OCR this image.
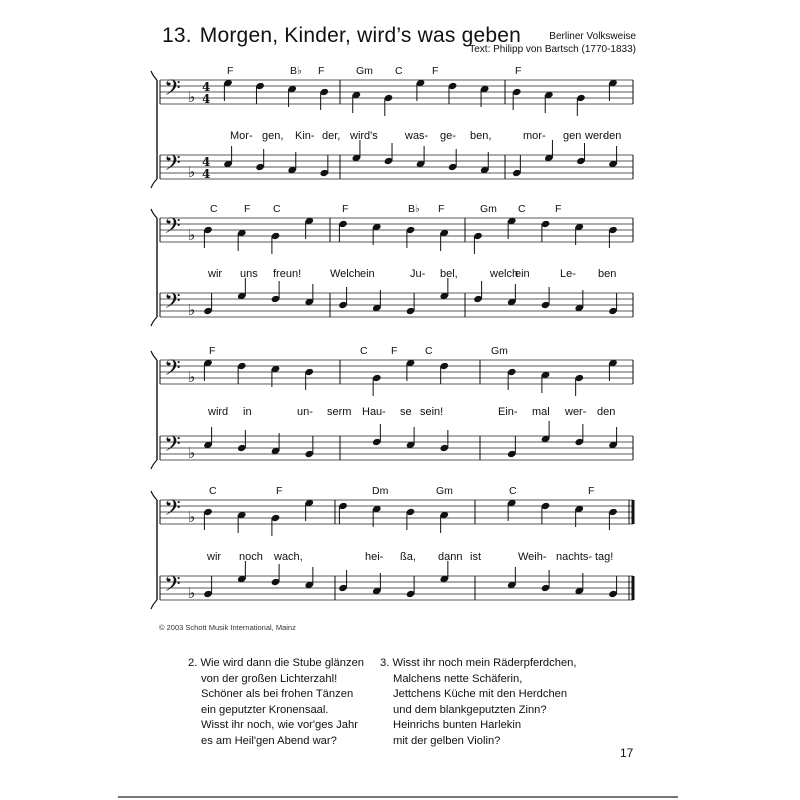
13. Morgen, Kinder, wird’s was geben	Berliner Volksweise
Text: Philipp von Bartsch (1770-1833)
𝄢 ♭
4
4
𝄢 ♭
4
4
F	B♭ F	Gm C	F	F
Mor- gen, Kin- der, wird's was- ge- ben,	mor- gen wer-
den
𝄢 ♭
𝄢 ♭
C	F C	F	B♭ F	Gm C	F
wir uns freun!	Welch ein	Ju- bel,	welch
ein	Le- ben
𝄢 ♭
𝄢 ♭
F	C F	C	Gm
wird in	un- serm Hau- se sein!	Ein- mal wer- den
𝄢 ♭
𝄢 ♭
C	F	Dm	Gm	C	F
wir noch wach,	hei- ßa, dann ist	Weih- nachts- tag!
© 2003 Schott Musik International, Mainz
2. Wie wird dann die Stube glänzen
von der großen Lichterzahl!
Schöner als bei frohen Tänzen
ein geputzter Kronensaal.
Wisst ihr noch, wie vor'ges Jahr
es am Heil'gen Abend war?
3. Wisst ihr noch mein Räderpferdchen,
Malchens nette Schäferin,
Jettchens Küche mit den Herdchen
und dem blankgeputzten Zinn?
Heinrichs bunten Harlekin
mit der gelben Violin?
17
